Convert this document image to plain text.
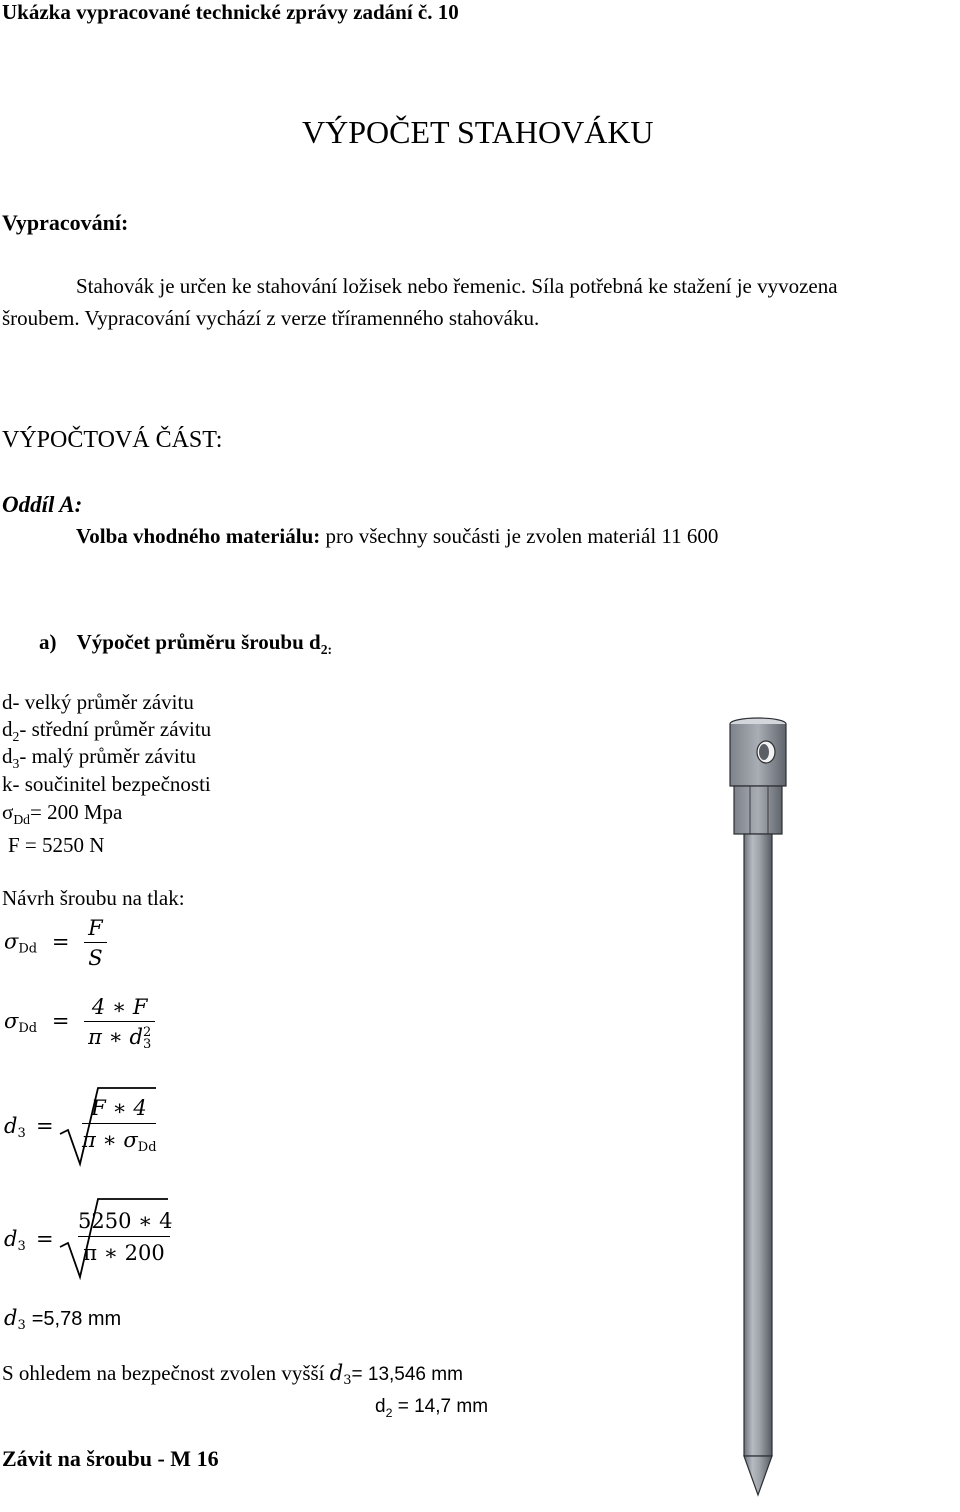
Ukázka vypracované technické zprávy zadání č. 10
VÝPOČET STAHOVÁKU
Vypracování:
Stahovák je určen ke stahování ložisek nebo řemenic. Síla potřebná ke stažení je vyvozena
šroubem. Vypracování vychází z verze tříramenného stahováku.
VÝPOČTOVÁ ČÁST:
Oddíl A:
Volba vhodného materiálu: pro všechny součásti je zvolen materiál 11 600
a) Výpočet průměru šroubu $d_{2:}$
d- velký průměr závitu
$d_2-$ střední průměr závitu
$d_3-$ malý průměr závitu
k- součinitel bezpečnosti
$\sigma_{Dd}= 200$ Mpa
F = 5250 N
Návrh šroubu na tlak:
$\sigma Dd = \frac{F}{S}$
σDd = 4 ∗ F
π ∗ d 2
3
d3 =
F ∗ 4
π ∗ σDd
d3 =
5250 ∗ 4
π ∗ 200
d3 =5,78 mm
S ohledem na bezpečnost zvolen vyšší d3= 13,546 mm
$d_2 = 14,7$ mm
Závit na šroubu - M 16
